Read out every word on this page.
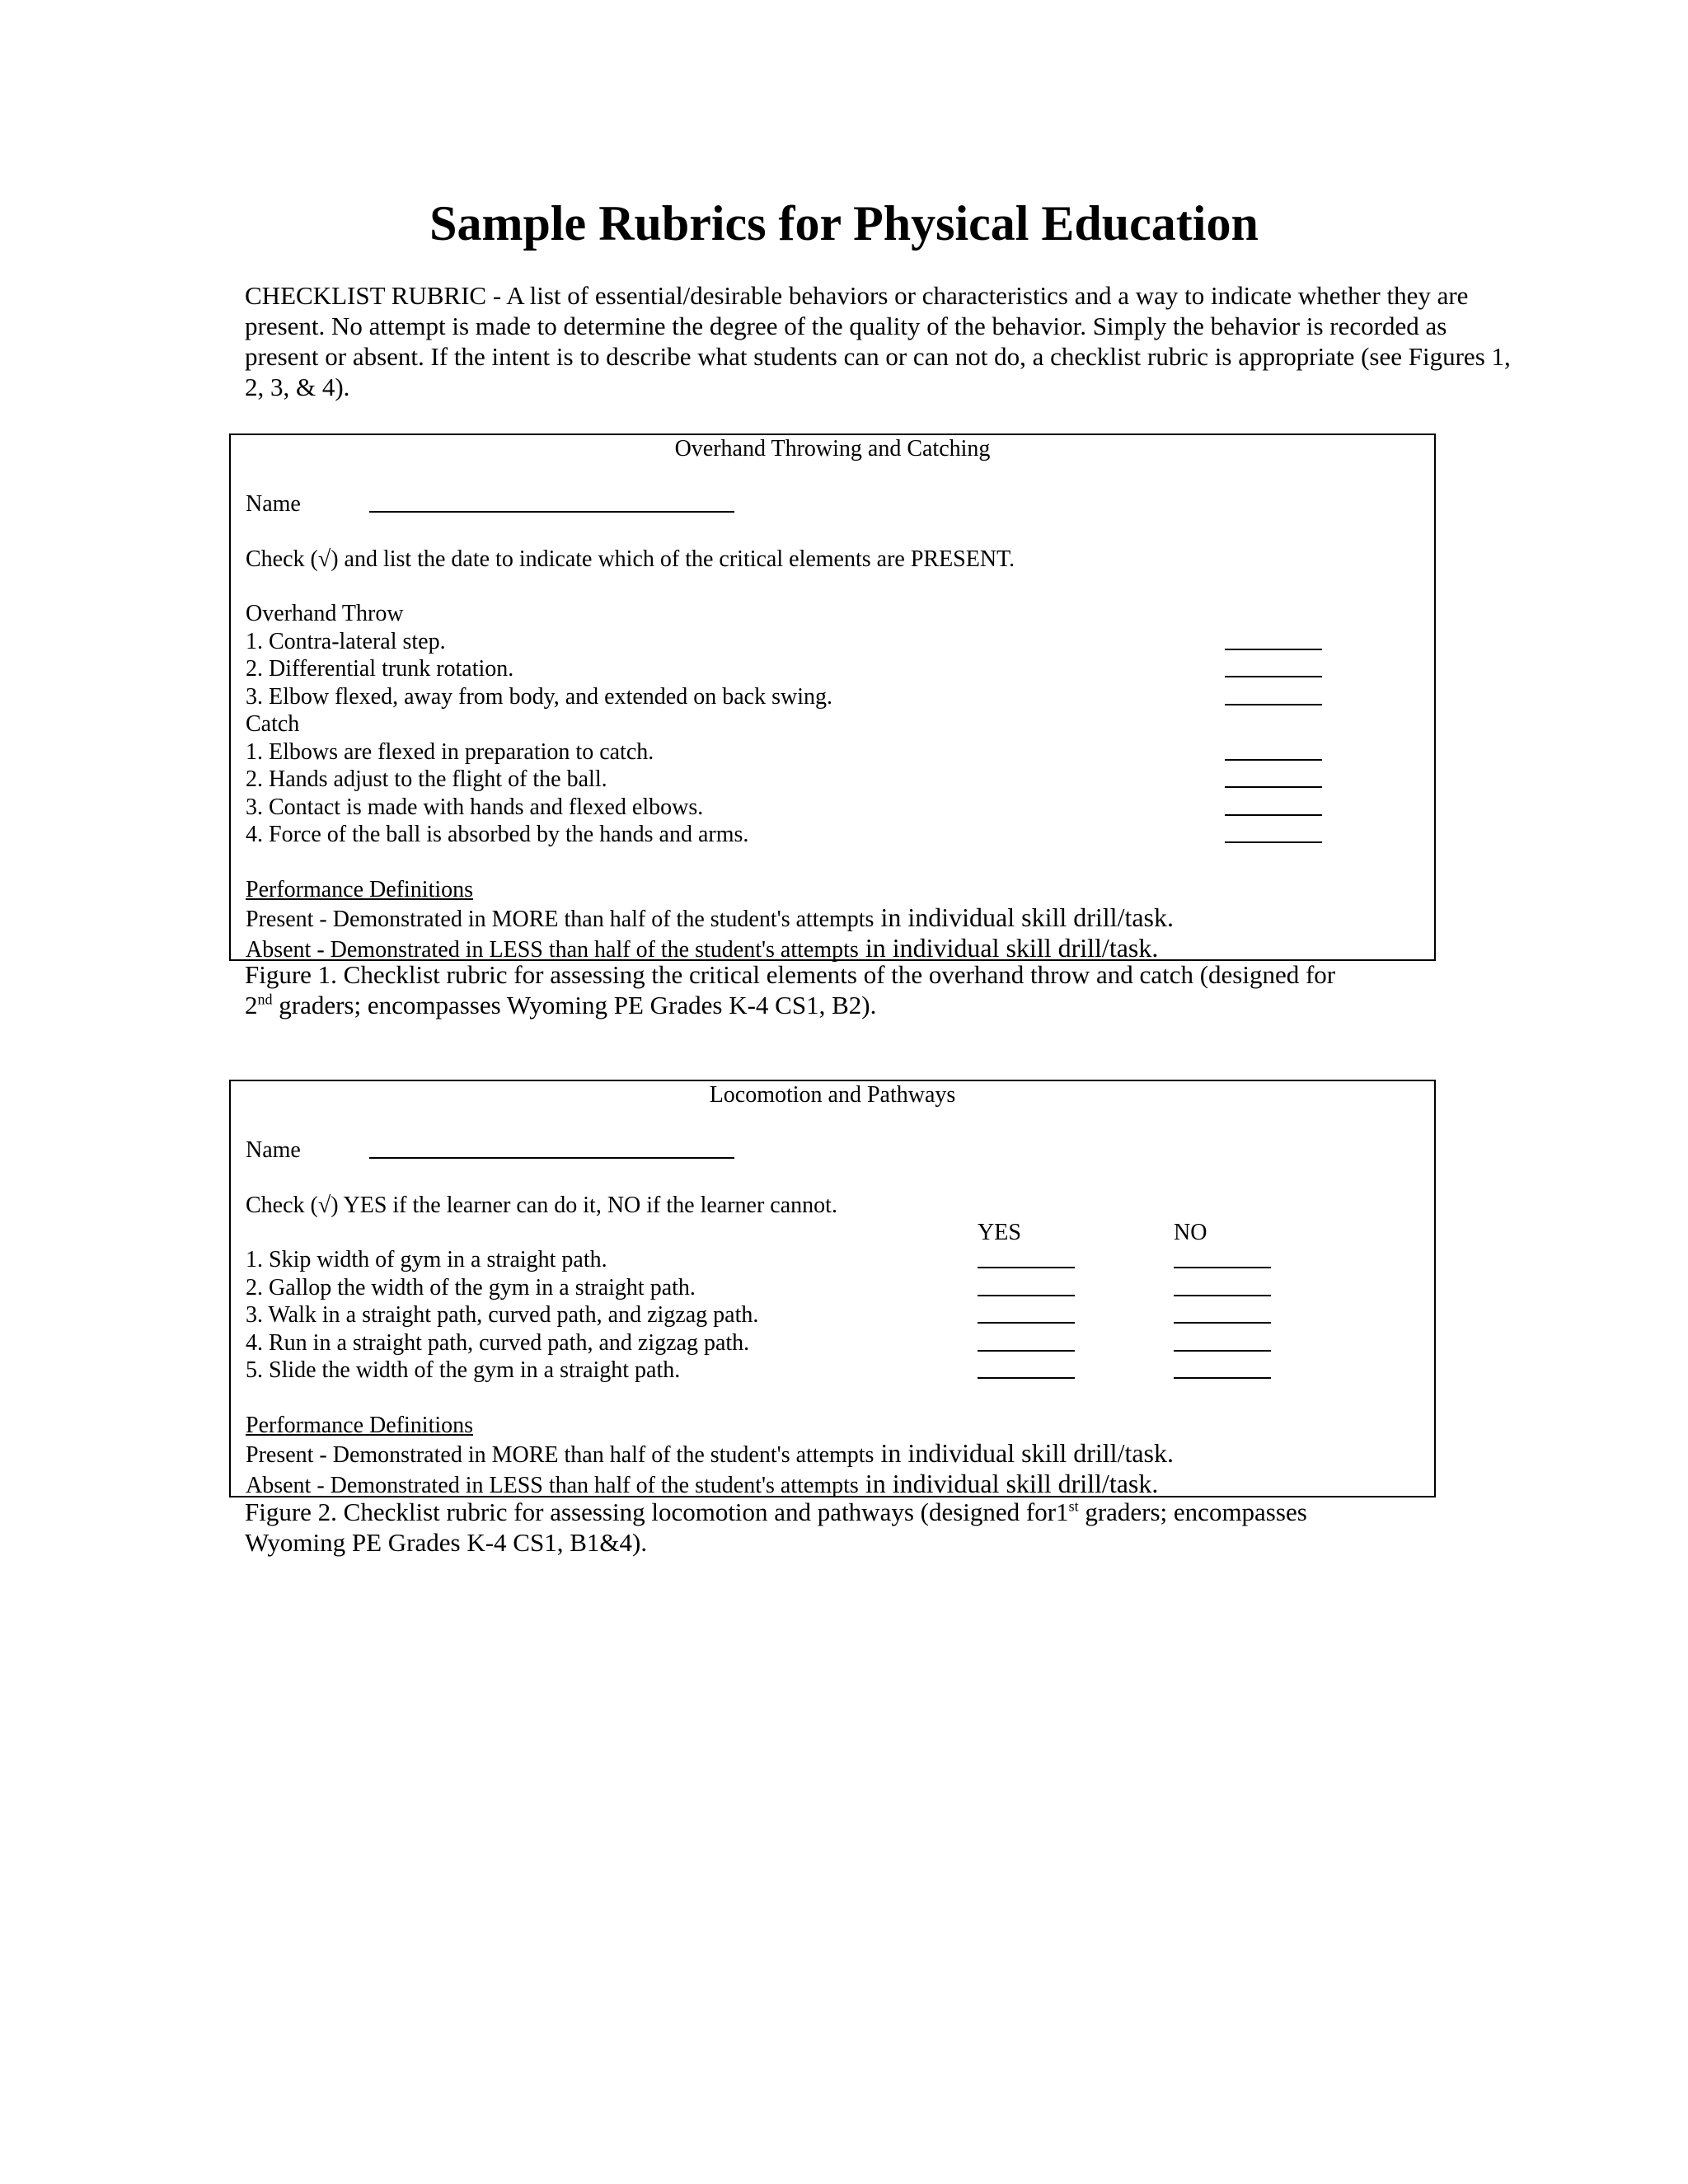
Sample Rubrics for Physical Education

CHECKLIST RUBRIC - A list of essential/desirable behaviors or characteristics and a way to indicate whether they are present. No attempt is made to determine the degree of the quality of the behavior. Simply the behavior is recorded as present or absent. If the intent is to describe what students can or can not do, a checklist rubric is appropriate (see Figures 1, 2, 3, & 4).

Overhand Throwing and Catching
Name
Check (√) and list the date to indicate which of the critical elements are PRESENT.
Overhand Throw
1. Contra-lateral step.
2. Differential trunk rotation.
3. Elbow flexed, away from body, and extended on back swing.
Catch
1. Elbows are flexed in preparation to catch.
2. Hands adjust to the flight of the ball.
3. Contact is made with hands and flexed elbows.
4. Force of the ball is absorbed by the hands and arms.
Performance Definitions
Present - Demonstrated in MORE than half of the student's attempts in individual skill drill/task.
Absent - Demonstrated in LESS than half of the student's attempts in individual skill drill/task.

Figure 1. Checklist rubric for assessing the critical elements of the overhand throw and catch (designed for
2nd graders; encompasses Wyoming PE Grades K-4 CS1, B2).

Locomotion and Pathways
Name
Check (√) YES if the learner can do it, NO if the learner cannot.
YES	NO
1. Skip width of gym in a straight path.
2. Gallop the width of the gym in a straight path.
3. Walk in a straight path, curved path, and zigzag path.
4. Run in a straight path, curved path, and zigzag path.
5. Slide the width of the gym in a straight path.
Performance Definitions
Present - Demonstrated in MORE than half of the student's attempts in individual skill drill/task.
Absent - Demonstrated in LESS than half of the student's attempts in individual skill drill/task.

Figure 2. Checklist rubric for assessing locomotion and pathways (designed for1st graders; encompasses
Wyoming PE Grades K-4 CS1, B1&4).
